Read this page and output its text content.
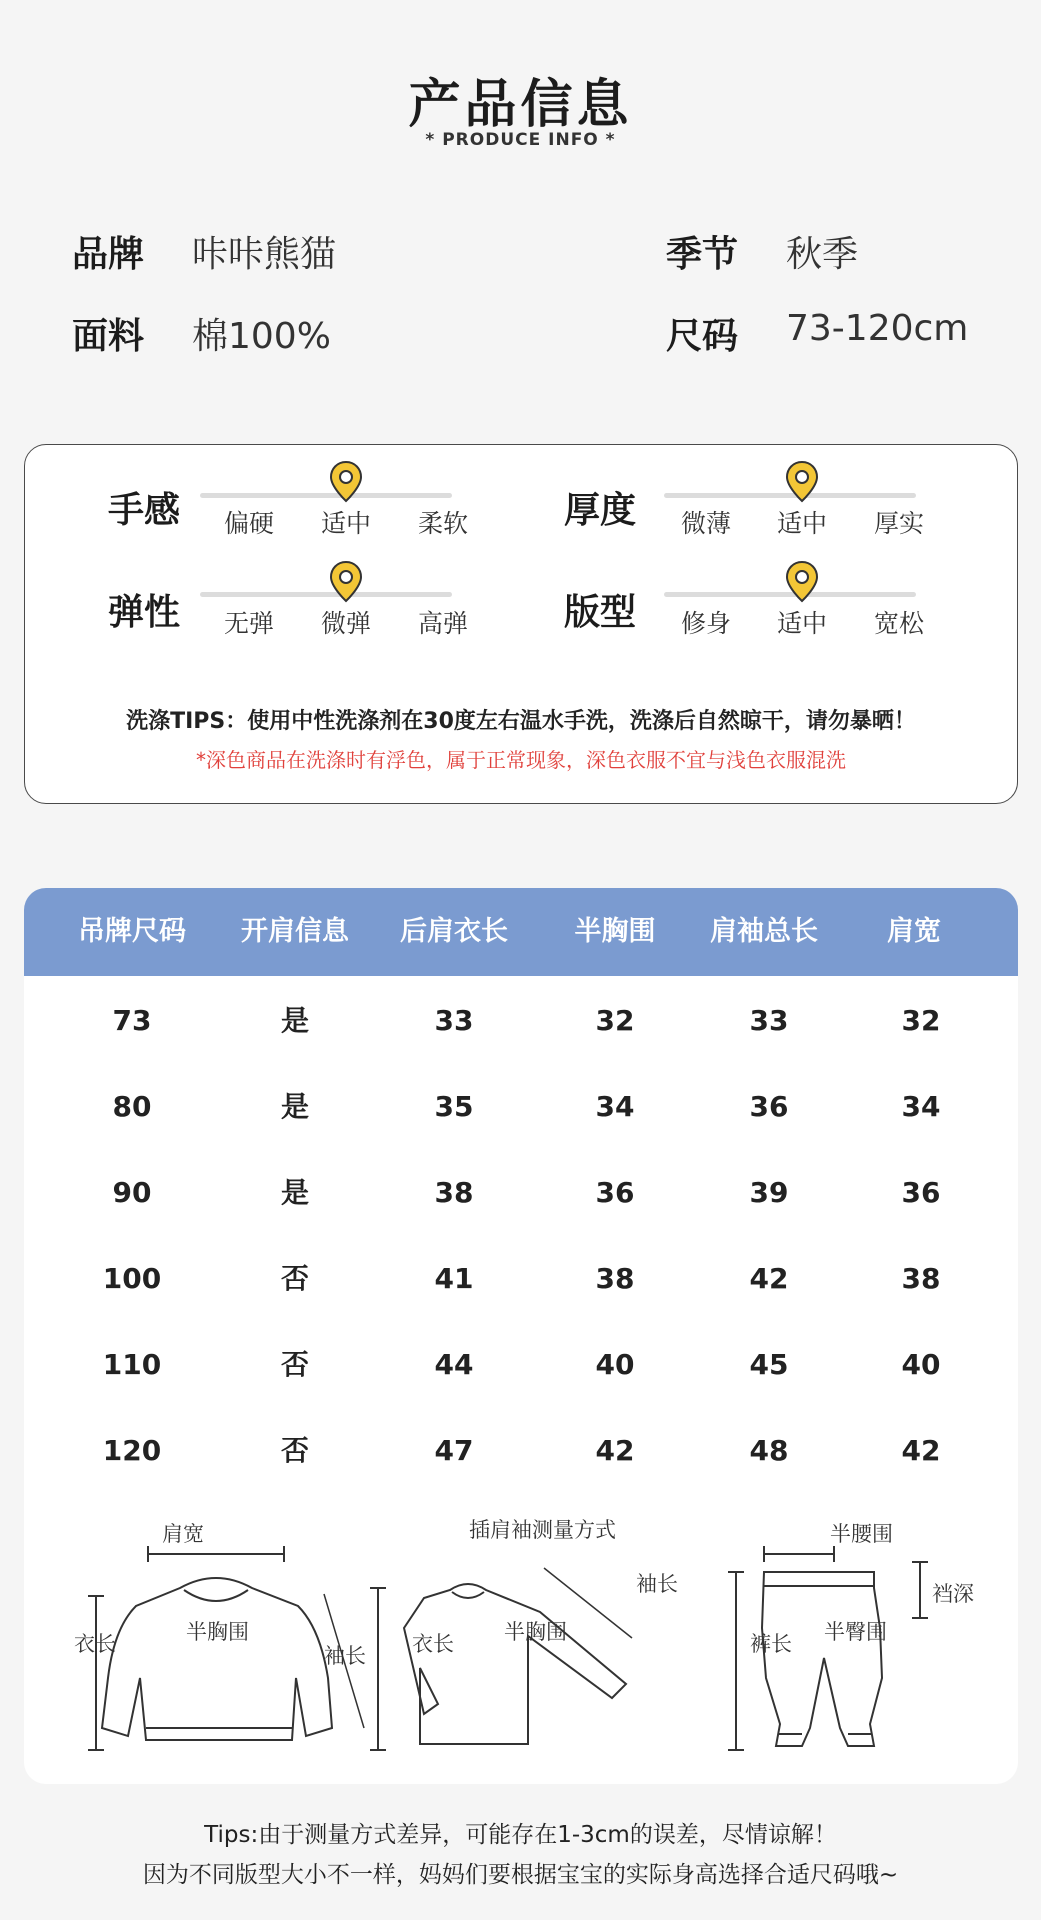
产品信息
* PRODUCE INFO *
品牌 咔咔熊猫	季节 秋季
面料 棉100%	尺码 73-120cm
手感	偏硬	适中	柔软	厚度	微薄	适中	厚实
弹性	无弹	微弹	高弹	版型	修身	适中	宽松
洗涤TIPS：使用中性洗涤剂在30度左右温水手洗，洗涤后自然晾干，请勿暴晒！
*深色商品在洗涤时有浮色，属于正常现象，深色衣服不宜与浅色衣服混洗
吊牌尺码	开肩信息	后肩衣长	半胸围	肩袖总长	肩宽
73	是	33	32	33	32
80	是	35	34	36	34
90	是	38	36	39	36
100	否	41	38	42	38
110	否	44	40	45	40
120	否	47	42	48	42
肩宽
衣长	半胸围
袖长
插肩袖测量方式
衣长 半胸围
袖长
半腰围
裤长 半臀围
裆深
Tips:由于测量方式差异，可能存在1-3cm的误差，尽情谅解！
因为不同版型大小不一样，妈妈们要根据宝宝的实际身高选择合适尺码哦~
